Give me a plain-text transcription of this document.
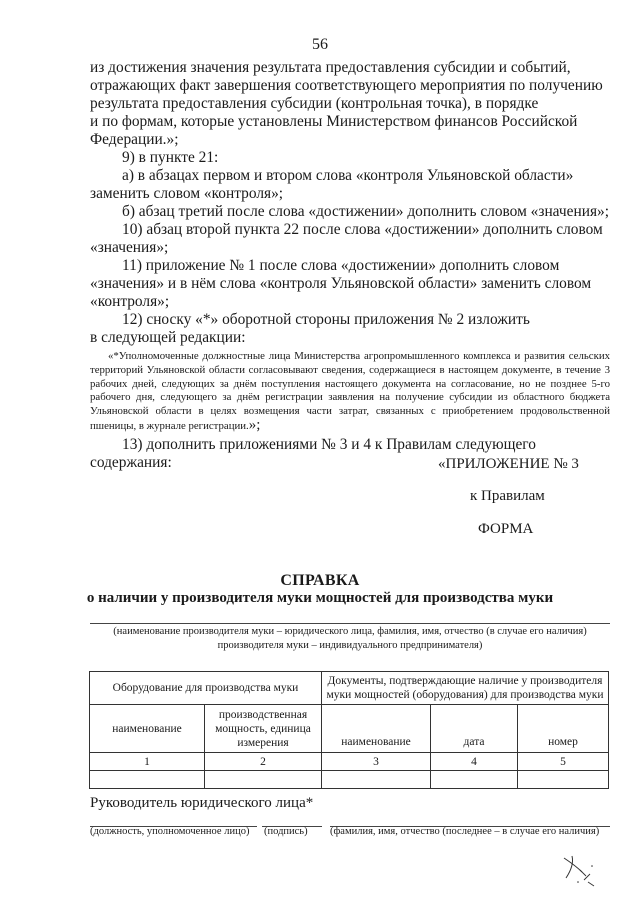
56

из достижения значения результата предоставления субсидии и событий,

отражающих факт завершения соответствующего мероприятия по получению

результата предоставления субсидии (контрольная точка), в порядке

и по формам, которые установлены Министерством финансов Российской

Федерации.»;

9) в пункте 21:

а) в абзацах первом и втором слова «контроля Ульяновской области»

заменить словом «контроля»;

б) абзац третий после слова «достижении» дополнить словом «значения»;

10) абзац второй пункта 22 после слова «достижении» дополнить словом

«значения»;

11) приложение № 1 после слова «достижении» дополнить словом

«значения» и в нём слова «контроля Ульяновской области» заменить словом

«контроля»;

12) сноску «*» оборотной стороны приложения № 2 изложить

в следующей редакции:

«*Уполномоченные должностные лица Министерства агропромышленного комплекса и развития сельских территорий Ульяновской области согласовывают сведения, содержащиеся в настоящем документе, в течение 3 рабочих дней, следующих за днём поступления настоящего документа на согласование, но не позднее 5-го рабочего дня, следующего за днём регистрации заявления на получение субсидии из областного бюджета Ульяновской области в целях возмещения части затрат, связанных с приобретением продовольственной пшеницы, в журнале регистрации.»;

13) дополнить приложениями № 3 и 4 к Правилам следующего

содержания:	«ПРИЛОЖЕНИЕ № 3
к Правилам
ФОРМА
СПРАВКА
о наличии у производителя муки мощностей для производства муки
(наименование производителя муки – юридического лица, фамилия, имя, отчество (в случае его наличия)
производителя муки – индивидуального предпринимателя)
Оборудование для производства муки		Документы, подтверждающие наличие у производителя муки мощностей (оборудования) для производства муки		
наименование	производственная мощность, единица измерения	наименование	дата	номер
1	2	3	4	5

Руководитель юридического лица*
(должность, уполномоченное лицо) (подпись) (фамилия, имя, отчество (последнее – в случае его наличия)
